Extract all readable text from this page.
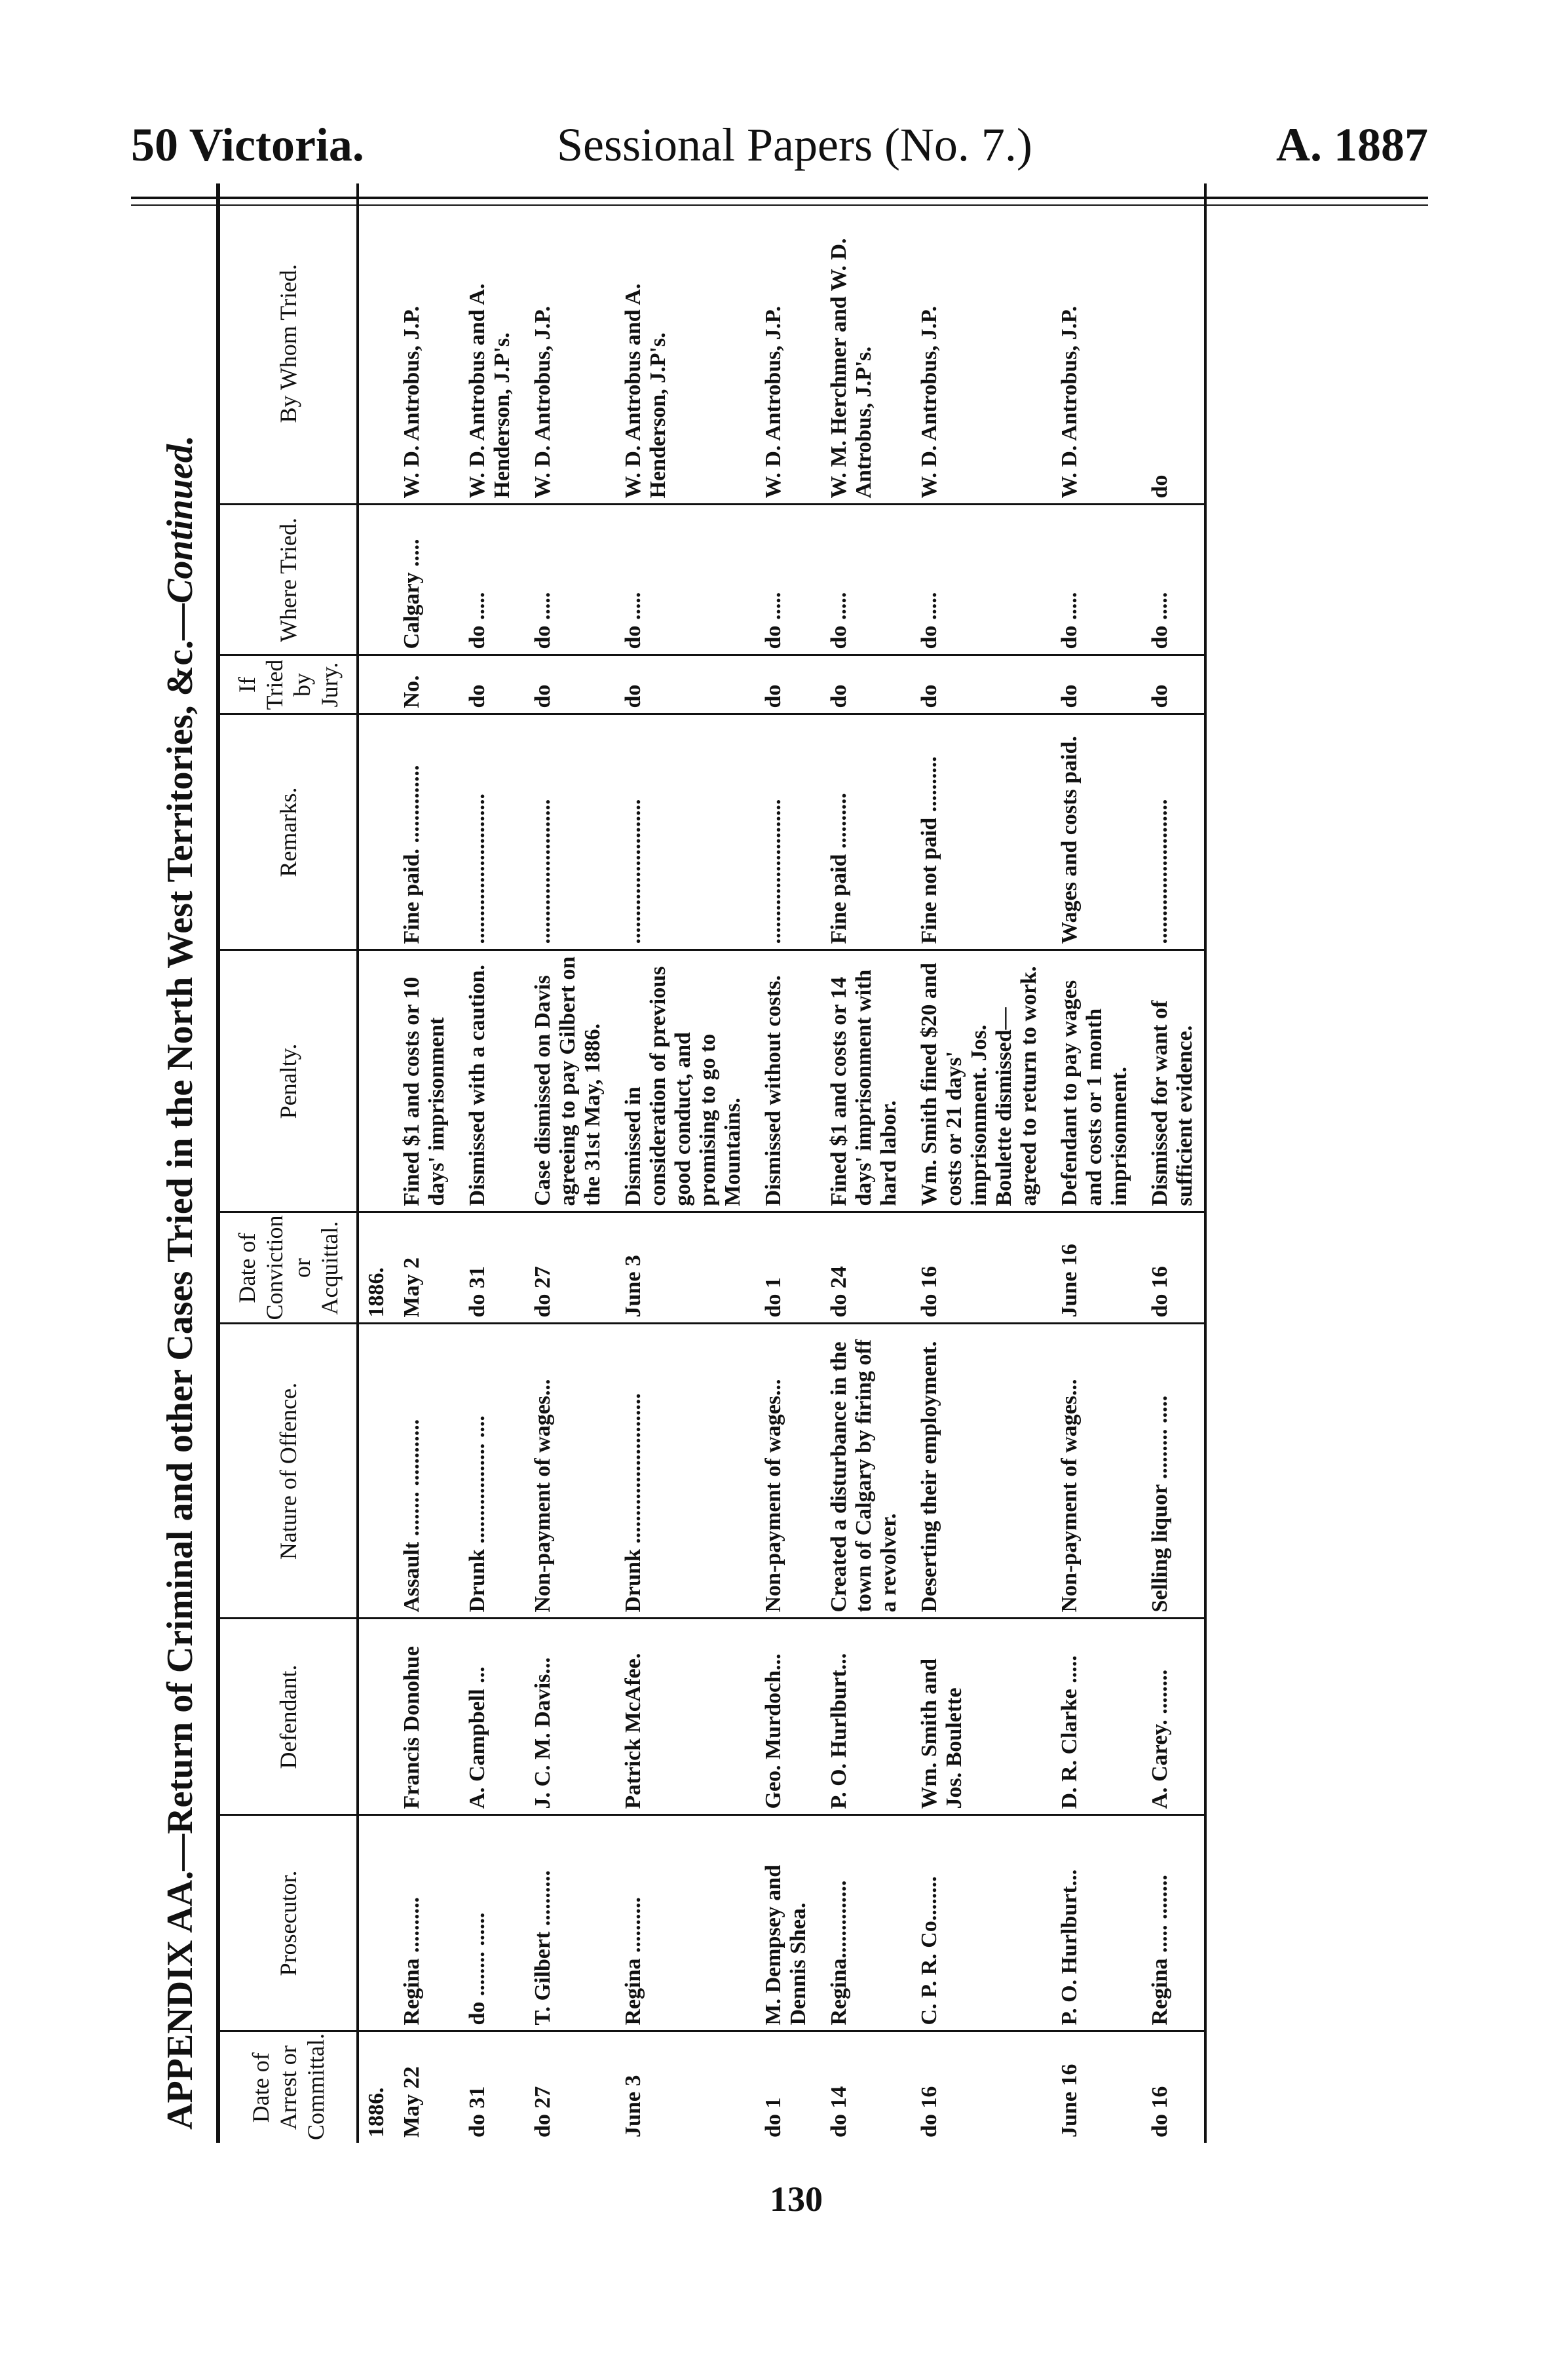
50 Victoria.	Sessional Papers (No. 7.)	A. 1887
APPENDIX AA.—Return of Criminal and other Cases Tried in the North West Territories, &c.—Continued.
Date of Arrest or Committal.	Prosecutor.	Defendant.	Nature of Offence.	Date of Conviction or Acquittal.	Penalty.	Remarks.	If Tried by Jury.	Where Tried.	By Whom Tried.
1886.				1886.					
May 22	Regina ..........	Francis Donohue	Assault ........ ............	May 2	Fined $1 and costs or 10 days' imprisonment	Fine paid. ..............	No.	Calgary .....	W. D. Antrobus, J.P.
do 31	do ........ ......	A. Campbell ...	Drunk .................. ....	do 31	Dismissed with a caution.	...........................	do	do .....	W. D. Antrobus and A. Henderson, J.P's.
do 27	T. Gilbert ..........	J. C. M. Davis...	Non-payment of wages...	do 27	Case dismissed on Davis agreeing to pay Gilbert on the 31st May, 1886.	..........................	do	do .....	W. D. Antrobus, J.P.
June 3	Regina ..........	Patrick McAfee.	Drunk ...........................	June 3	Dismissed in consideration of previous good conduct, and promising to go to Mountains.	..........................	do	do .....	W. D. Antrobus and A. Henderson, J.P's.
do 1	M. Dempsey and Dennis Shea.	Geo. Murdoch...	Non-payment of wages...	do 1	Dismissed without costs.	..........................	do	do .....	W. D. Antrobus, J.P.
do 14	Regina..............	P. O. Hurlburt...	Created a disturbance in the town of Calgary by firing off a revolver.	do 24	Fined $1 and costs or 14 days' imprisonment with hard labor.	Fine paid ..........	do	do .....	W. M. Herchmer and W. D. Antrobus, J.P's.
do 16	C. P. R. Co........	Wm. Smith and Jos. Boulette	Deserting their employment.	do 16	Wm. Smith fined $20 and costs or 21 days' imprisonment. Jos. Boulette dismissed—agreed to return to work.	Fine not paid ..........	do	do .....	W. D. Antrobus, J.P.
June 16	P. O. Hurlburt...	D. R. Clarke .....	Non-payment of wages...	June 16	Defendant to pay wages and costs or 1 month imprisonment.	Wages and costs paid.	do	do .....	W. D. Antrobus, J.P.
do 16	Regina ..... ........	A. Carey. ........	Selling liquor ......... .....	do 16	Dismissed for want of sufficient evidence.	..........................	do	do .....	do
130
